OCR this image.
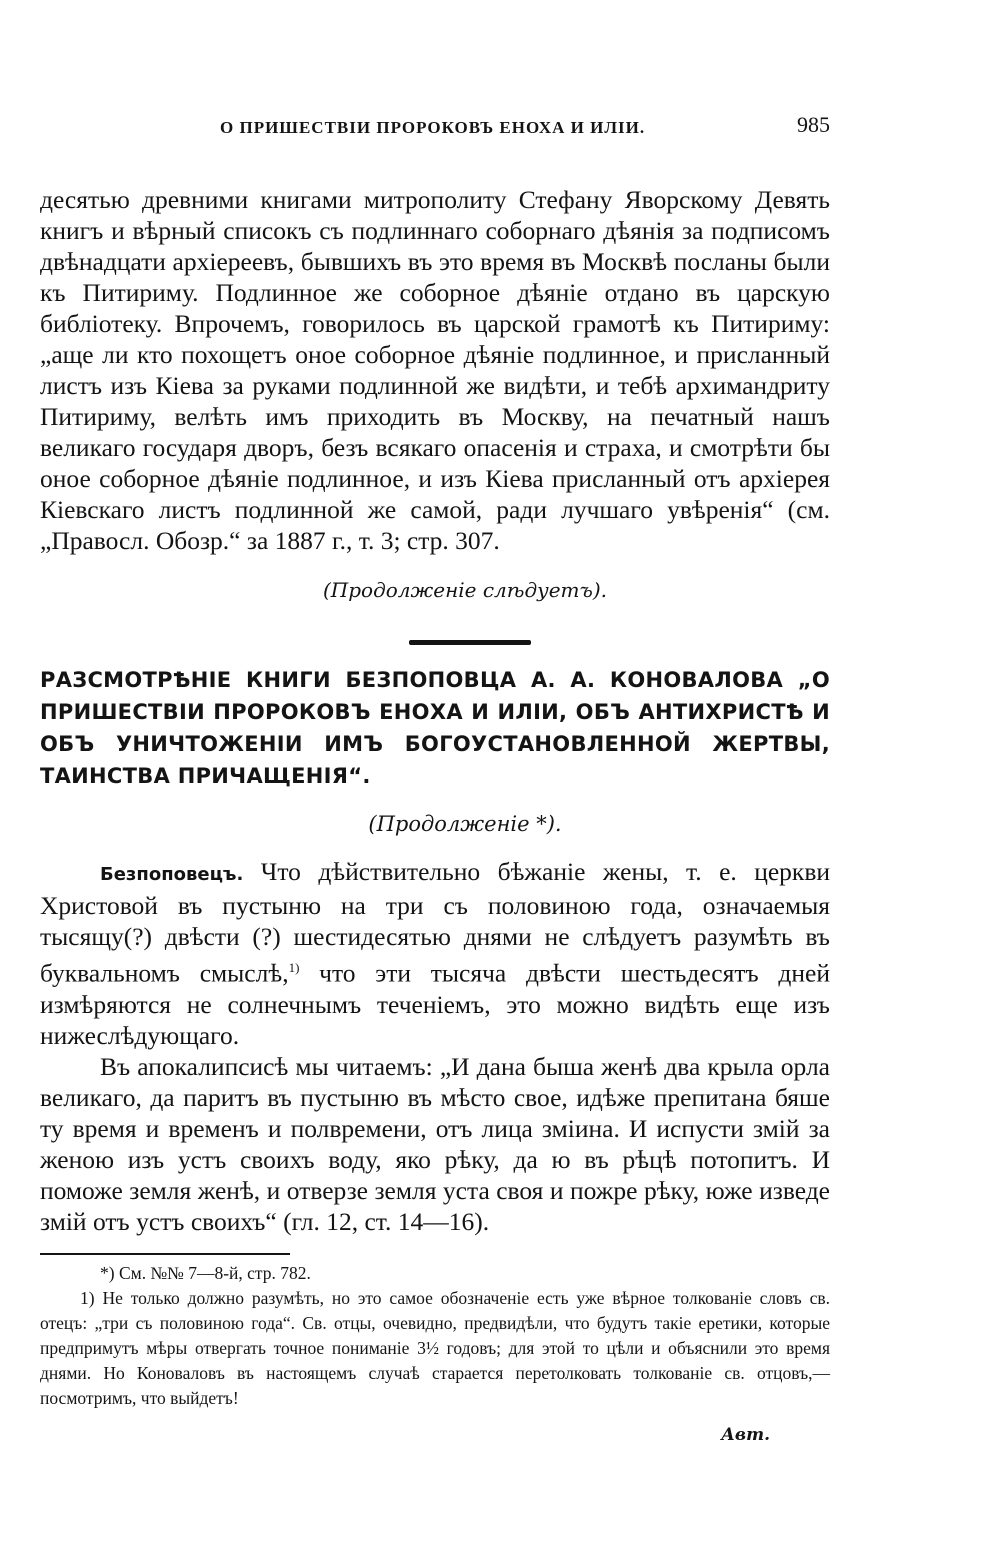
О ПРИШЕСТВІИ ПРОРОКОВЪ ЕНОХА И ИЛІИ.	985

десятью древними книгами митрополиту Стефану Яворскому Девять книгъ и вѣрный списокъ съ подлиннаго соборнаго дѣянія за подписомъ двѣнадцати архіереевъ, бывшихъ въ это время въ Москвѣ посланы были къ Питириму. Подлинное же соборное дѣяніе отдано въ царскую библіотеку. Впрочемъ, говорилось въ царской грамотѣ къ Питириму: „аще ли кто похощетъ оное соборное дѣяніе подлинное, и присланный листъ изъ Кіева за руками подлинной же видѣти, и тебѣ архимандриту Питириму, велѣть имъ приходить въ Москву, на печатный нашъ великаго государя дворъ, безъ всякаго опасенія и страха, и смотрѣти бы оное соборное дѣяніе подлинное, и изъ Кіева присланный отъ архіерея Кіевскаго листъ подлинной же самой, ради лучшаго увѣренія“ (см. „Правосл. Обозр.“ за 1887 г., т. 3; стр. 307.

(Продолженіе слѣдуетъ).
РАЗСМОТРѢНІЕ КНИГИ БЕЗПОПОВЦА А. А. КОНОВАЛОВА „О ПРИШЕСТВІИ ПРОРОКОВЪ ЕНОХА И ИЛІИ, ОБЪ АНТИХРИСТѢ И ОБЪ УНИЧТОЖЕНІИ ИМЪ БОГОУСТАНОВЛЕННОЙ ЖЕРТВЫ, ТАИНСТВА ПРИЧАЩЕНІЯ“.
(Продолженіе *).

Безпоповецъ. Что дѣйствительно бѣжаніе жены, т. е. церкви Христовой въ пустыню на три съ половиною года, означаемыя тысящу(?) двѣсти (?) шестидесятью днями не слѣдуетъ разумѣть въ буквальномъ смыслѣ,$^{1)}$ что эти тысяча двѣсти шестьдесятъ дней измѣряются не солнечнымъ теченіемъ, это можно видѣть еще изъ нижеслѣдующаго.

Въ апокалипсисѣ мы читаемъ: „И дана быша женѣ два крыла орла великаго, да паритъ въ пустыню въ мѣсто свое, идѣже препитана бяше ту время и временъ и полвремени, отъ лица зміина. И испусти змій за женою изъ устъ своихъ воду, яко рѣку, да ю въ рѣцѣ потопитъ. И поможе земля женѣ, и отверзе земля уста своя и пожре рѣку, юже изведе змій отъ устъ своихъ“ (гл. 12, ст. 14—16).

*) См. №№ 7—8-й, стр. 782.
1) Не только должно разумѣть, но это самое обозначеніе есть уже вѣрное толкованіе словъ св. отецъ: „три съ половиною года“. Св. отцы, очевидно, предвидѣли, что будутъ такіе еретики, которые предпримутъ мѣры отвергать точное пониманіе 3½ годовъ; для этой то цѣли и объяснили это время днями. Но Коноваловъ въ настоящемъ случаѣ старается перетолковать толкованіе св. отцовъ,— посмотримъ, что выйдетъ!
Авт.
